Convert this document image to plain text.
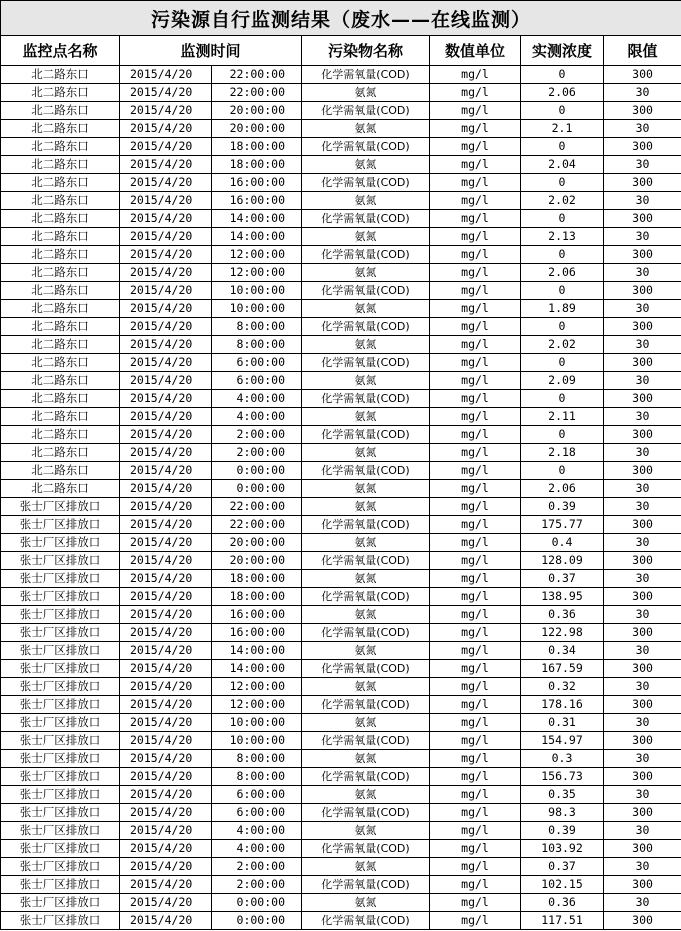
污染源自行监测结果（废水——在线监测）						
监控点名称	监测时间		污染物名称	数值单位	实测浓度	限值
北二路东口	2015/4/20	22:00:00	化学需氧量(COD)	mg/l	0	300
北二路东口	2015/4/20	22:00:00	氨氮	mg/l	2.06	30
北二路东口	2015/4/20	20:00:00	化学需氧量(COD)	mg/l	0	300
北二路东口	2015/4/20	20:00:00	氨氮	mg/l	2.1	30
北二路东口	2015/4/20	18:00:00	化学需氧量(COD)	mg/l	0	300
北二路东口	2015/4/20	18:00:00	氨氮	mg/l	2.04	30
北二路东口	2015/4/20	16:00:00	化学需氧量(COD)	mg/l	0	300
北二路东口	2015/4/20	16:00:00	氨氮	mg/l	2.02	30
北二路东口	2015/4/20	14:00:00	化学需氧量(COD)	mg/l	0	300
北二路东口	2015/4/20	14:00:00	氨氮	mg/l	2.13	30
北二路东口	2015/4/20	12:00:00	化学需氧量(COD)	mg/l	0	300
北二路东口	2015/4/20	12:00:00	氨氮	mg/l	2.06	30
北二路东口	2015/4/20	10:00:00	化学需氧量(COD)	mg/l	0	300
北二路东口	2015/4/20	10:00:00	氨氮	mg/l	1.89	30
北二路东口	2015/4/20	8:00:00	化学需氧量(COD)	mg/l	0	300
北二路东口	2015/4/20	8:00:00	氨氮	mg/l	2.02	30
北二路东口	2015/4/20	6:00:00	化学需氧量(COD)	mg/l	0	300
北二路东口	2015/4/20	6:00:00	氨氮	mg/l	2.09	30
北二路东口	2015/4/20	4:00:00	化学需氧量(COD)	mg/l	0	300
北二路东口	2015/4/20	4:00:00	氨氮	mg/l	2.11	30
北二路东口	2015/4/20	2:00:00	化学需氧量(COD)	mg/l	0	300
北二路东口	2015/4/20	2:00:00	氨氮	mg/l	2.18	30
北二路东口	2015/4/20	0:00:00	化学需氧量(COD)	mg/l	0	300
北二路东口	2015/4/20	0:00:00	氨氮	mg/l	2.06	30
张士厂区排放口	2015/4/20	22:00:00	氨氮	mg/l	0.39	30
张士厂区排放口	2015/4/20	22:00:00	化学需氧量(COD)	mg/l	175.77	300
张士厂区排放口	2015/4/20	20:00:00	氨氮	mg/l	0.4	30
张士厂区排放口	2015/4/20	20:00:00	化学需氧量(COD)	mg/l	128.09	300
张士厂区排放口	2015/4/20	18:00:00	氨氮	mg/l	0.37	30
张士厂区排放口	2015/4/20	18:00:00	化学需氧量(COD)	mg/l	138.95	300
张士厂区排放口	2015/4/20	16:00:00	氨氮	mg/l	0.36	30
张士厂区排放口	2015/4/20	16:00:00	化学需氧量(COD)	mg/l	122.98	300
张士厂区排放口	2015/4/20	14:00:00	氨氮	mg/l	0.34	30
张士厂区排放口	2015/4/20	14:00:00	化学需氧量(COD)	mg/l	167.59	300
张士厂区排放口	2015/4/20	12:00:00	氨氮	mg/l	0.32	30
张士厂区排放口	2015/4/20	12:00:00	化学需氧量(COD)	mg/l	178.16	300
张士厂区排放口	2015/4/20	10:00:00	氨氮	mg/l	0.31	30
张士厂区排放口	2015/4/20	10:00:00	化学需氧量(COD)	mg/l	154.97	300
张士厂区排放口	2015/4/20	8:00:00	氨氮	mg/l	0.3	30
张士厂区排放口	2015/4/20	8:00:00	化学需氧量(COD)	mg/l	156.73	300
张士厂区排放口	2015/4/20	6:00:00	氨氮	mg/l	0.35	30
张士厂区排放口	2015/4/20	6:00:00	化学需氧量(COD)	mg/l	98.3	300
张士厂区排放口	2015/4/20	4:00:00	氨氮	mg/l	0.39	30
张士厂区排放口	2015/4/20	4:00:00	化学需氧量(COD)	mg/l	103.92	300
张士厂区排放口	2015/4/20	2:00:00	氨氮	mg/l	0.37	30
张士厂区排放口	2015/4/20	2:00:00	化学需氧量(COD)	mg/l	102.15	300
张士厂区排放口	2015/4/20	0:00:00	氨氮	mg/l	0.36	30
张士厂区排放口	2015/4/20	0:00:00	化学需氧量(COD)	mg/l	117.51	300
